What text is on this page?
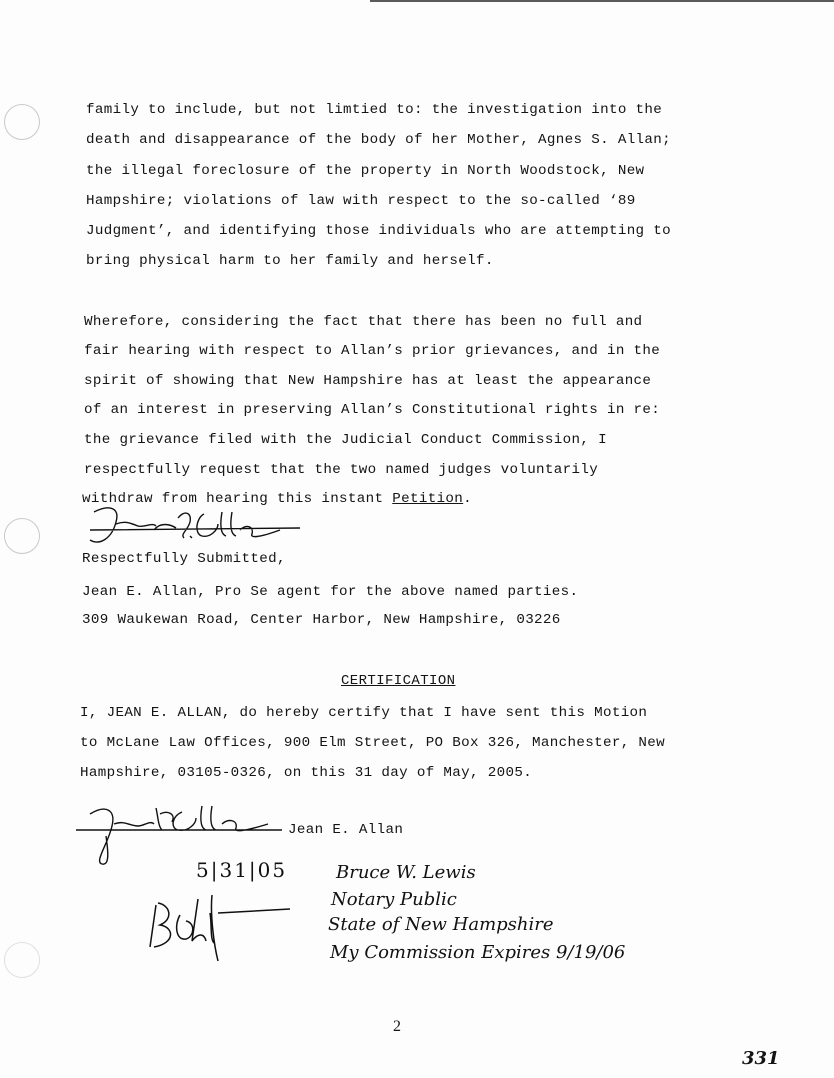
family to include, but not limtied to: the investigation into the
death and disappearance of the body of her Mother, Agnes S. Allan;
the illegal foreclosure of the property in North Woodstock, New
Hampshire; violations of law with respect to the so-called ‘89
Judgment’, and identifying those individuals who are attempting to
bring physical harm to her family and herself.
Wherefore, considering the fact that there has been no full and
fair hearing with respect to Allan’s prior grievances, and in the
spirit of showing that New Hampshire has at least the appearance
of an interest in preserving Allan’s Constitutional rights in re:
the grievance filed with the Judicial Conduct Commission, I
respectfully request that the two named judges voluntarily
withdraw from hearing this instant Petition.
Respectfully Submitted,
Jean E. Allan, Pro Se agent for the above named parties.
309 Waukewan Road, Center Harbor, New Hampshire, 03226
CERTIFICATION
I, JEAN E. ALLAN, do hereby certify that I have sent this Motion
to McLane Law Offices, 900 Elm Street, PO Box 326, Manchester, New
Hampshire, 03105-0326, on this 31 day of May, 2005.
Jean E. Allan
5|31|05	Bruce W. Lewis
Notary Public
State of New Hampshire
My Commission Expires 9/19/06
2
331
